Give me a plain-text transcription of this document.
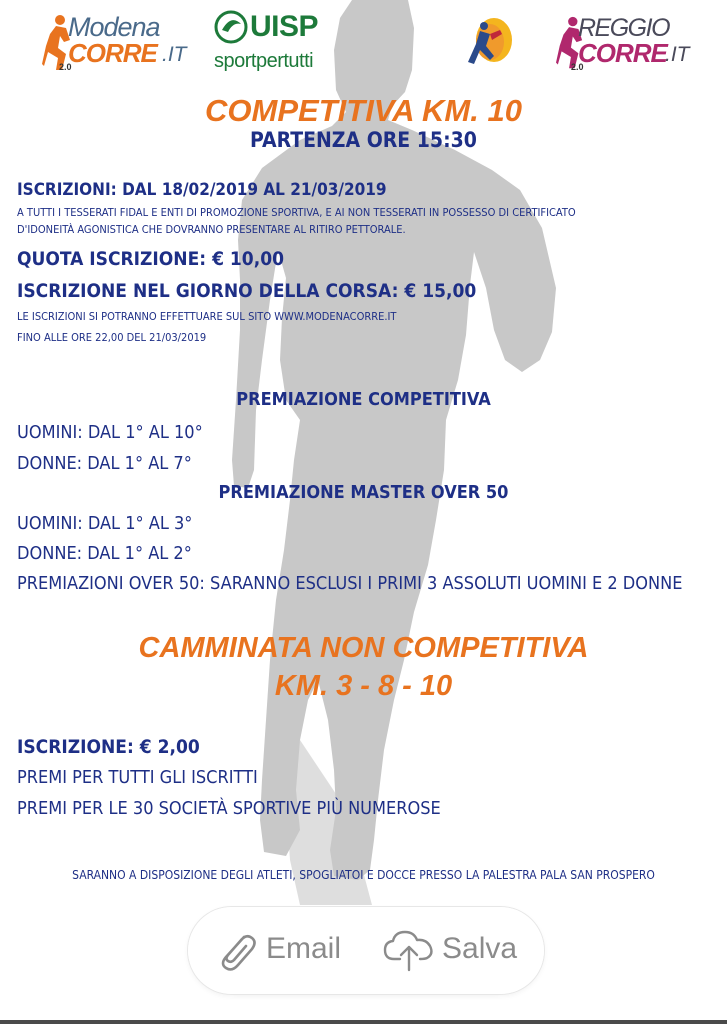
Modena
CORRE .IT
2.0
UISP
sportpertutti
REGGIO
CORRE
.IT
2.0
COMPETITIVA KM. 10
PARTENZA ORE 15:30
ISCRIZIONI: DAL 18/02/2019 AL 21/03/2019
A TUTTI I TESSERATI FIDAL E ENTI DI PROMOZIONE SPORTIVA, E AI NON TESSERATI IN POSSESSO DI CERTIFICATO
D'IDONEITÀ AGONISTICA CHE DOVRANNO PRESENTARE AL RITIRO PETTORALE.
QUOTA ISCRIZIONE: € 10,00
ISCRIZIONE NEL GIORNO DELLA CORSA: € 15,00
LE ISCRIZIONI SI POTRANNO EFFETTUARE SUL SITO WWW.MODENACORRE.IT
FINO ALLE ORE 22,00 DEL 21/03/2019
PREMIAZIONE COMPETITIVA
UOMINI: DAL 1° AL 10°
DONNE: DAL 1° AL 7°
PREMIAZIONE MASTER OVER 50
UOMINI: DAL 1° AL 3°
DONNE: DAL 1° AL 2°
PREMIAZIONI OVER 50: SARANNO ESCLUSI I PRIMI 3 ASSOLUTI UOMINI E 2 DONNE
CAMMINATA NON COMPETITIVA
KM. 3 - 8 - 10
ISCRIZIONE: € 2,00
PREMI PER TUTTI GLI ISCRITTI
PREMI PER LE 30 SOCIETÀ SPORTIVE PIÙ NUMEROSE
SARANNO A DISPOSIZIONE DEGLI ATLETI, SPOGLIATOI E DOCCE PRESSO LA PALESTRA PALA SAN PROSPERO
Email	Salva
